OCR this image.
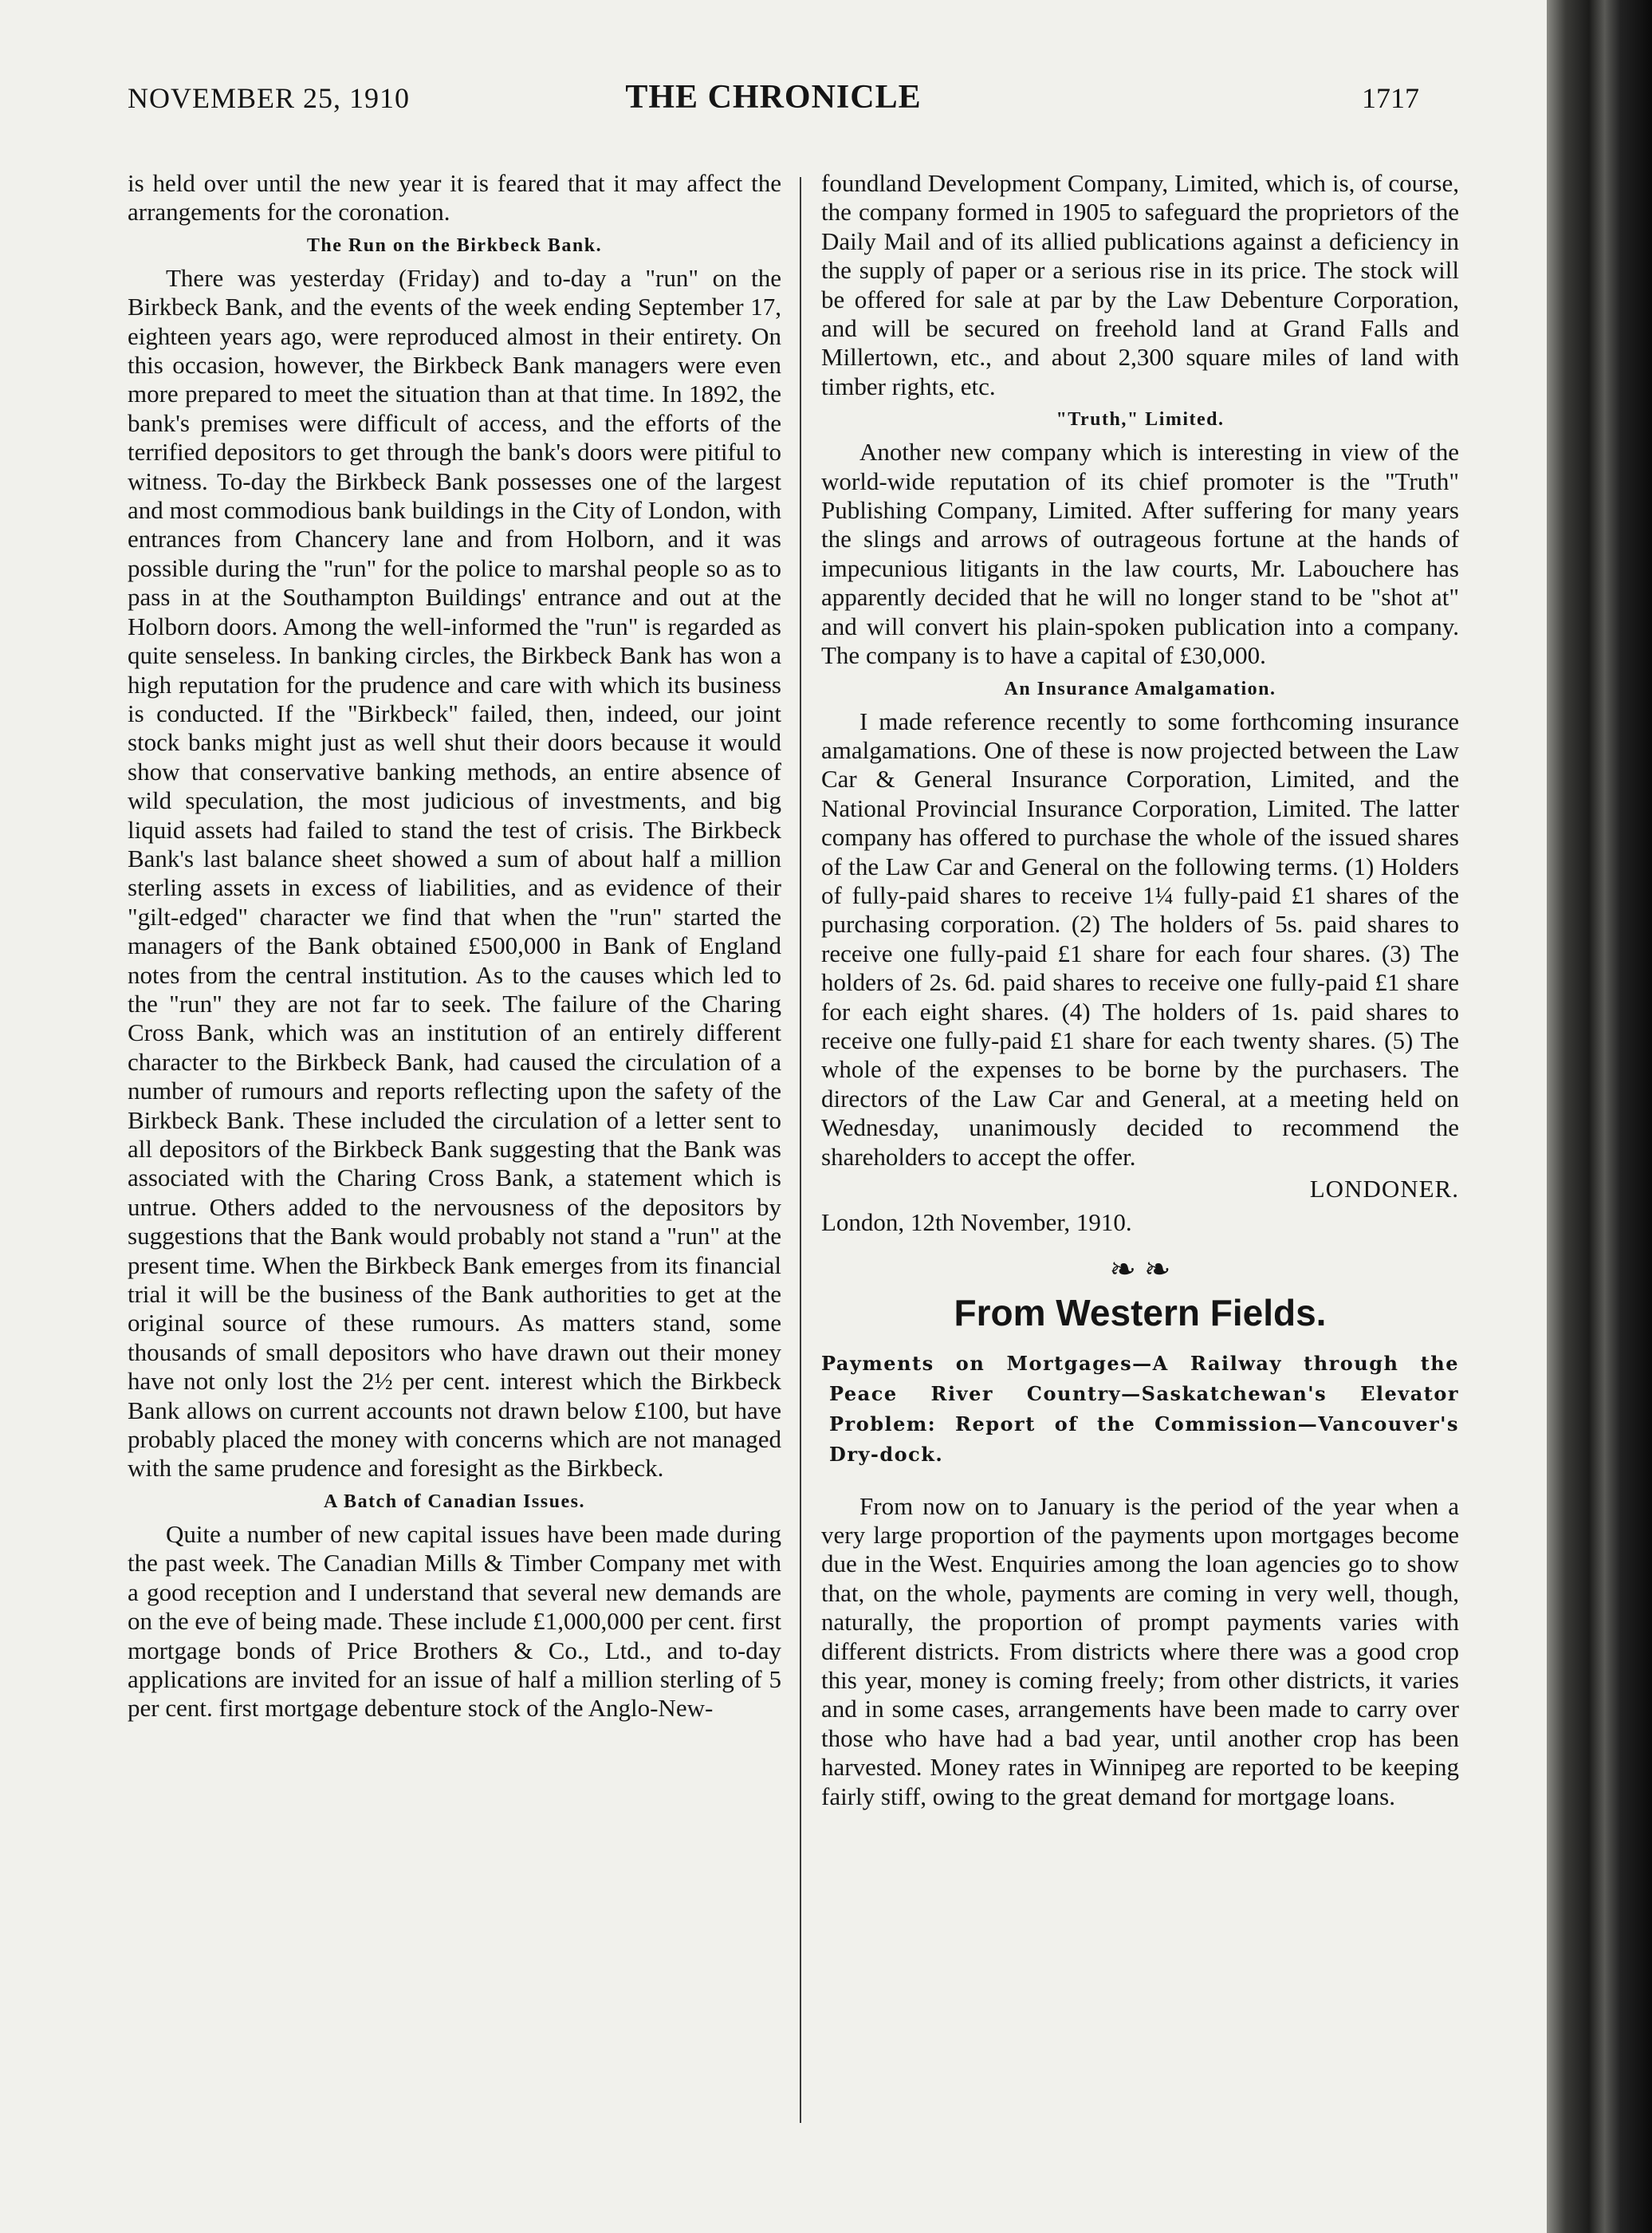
NOVEMBER 25, 1910	THE CHRONICLE	1717

is held over until the new year it is feared that it may affect the arrangements for the coronation.

The Run on the Birkbeck Bank.

There was yesterday (Friday) and to-day a "run" on the Birkbeck Bank, and the events of the week ending September 17, eighteen years ago, were reproduced almost in their entirety. On this occasion, however, the Birkbeck Bank managers were even more prepared to meet the situation than at that time. In 1892, the bank's premises were difficult of access, and the efforts of the terrified depositors to get through the bank's doors were pitiful to witness. To-day the Birkbeck Bank possesses one of the largest and most commodious bank buildings in the City of London, with entrances from Chancery lane and from Holborn, and it was possible during the "run" for the police to marshal people so as to pass in at the Southampton Buildings' entrance and out at the Holborn doors. Among the well-informed the "run" is regarded as quite senseless. In banking circles, the Birkbeck Bank has won a high reputation for the prudence and care with which its business is conducted. If the "Birkbeck" failed, then, indeed, our joint stock banks might just as well shut their doors because it would show that conservative banking methods, an entire absence of wild speculation, the most judicious of investments, and big liquid assets had failed to stand the test of crisis. The Birkbeck Bank's last balance sheet showed a sum of about half a million sterling assets in excess of liabilities, and as evidence of their "gilt-edged" character we find that when the "run" started the managers of the Bank obtained £500,000 in Bank of England notes from the central institution. As to the causes which led to the "run" they are not far to seek. The failure of the Charing Cross Bank, which was an institution of an entirely different character to the Birkbeck Bank, had caused the circulation of a number of rumours and reports reflecting upon the safety of the Birkbeck Bank. These included the circulation of a letter sent to all depositors of the Birkbeck Bank suggesting that the Bank was associated with the Charing Cross Bank, a statement which is untrue. Others added to the nervousness of the depositors by suggestions that the Bank would probably not stand a "run" at the present time. When the Birkbeck Bank emerges from its financial trial it will be the business of the Bank authorities to get at the original source of these rumours. As matters stand, some thousands of small depositors who have drawn out their money have not only lost the 2½ per cent. interest which the Birkbeck Bank allows on current accounts not drawn below £100, but have probably placed the money with concerns which are not managed with the same prudence and foresight as the Birkbeck.

A Batch of Canadian Issues.

Quite a number of new capital issues have been made during the past week. The Canadian Mills & Timber Company met with a good reception and I understand that several new demands are on the eve of being made. These include £1,000,000 per cent. first mortgage bonds of Price Brothers & Co., Ltd., and to-day applications are invited for an issue of half a million sterling of 5 per cent. first mortgage debenture stock of the Anglo-New-

foundland Development Company, Limited, which is, of course, the company formed in 1905 to safeguard the proprietors of the Daily Mail and of its allied publications against a deficiency in the supply of paper or a serious rise in its price. The stock will be offered for sale at par by the Law Debenture Corporation, and will be secured on freehold land at Grand Falls and Millertown, etc., and about 2,300 square miles of land with timber rights, etc.

"Truth," Limited.

Another new company which is interesting in view of the world-wide reputation of its chief promoter is the "Truth" Publishing Company, Limited. After suffering for many years the slings and arrows of outrageous fortune at the hands of impecunious litigants in the law courts, Mr. Labouchere has apparently decided that he will no longer stand to be "shot at" and will convert his plain-spoken publication into a company. The company is to have a capital of £30,000.

An Insurance Amalgamation.

I made reference recently to some forthcoming insurance amalgamations. One of these is now projected between the Law Car & General Insurance Corporation, Limited, and the National Provincial Insurance Corporation, Limited. The latter company has offered to purchase the whole of the issued shares of the Law Car and General on the following terms. (1) Holders of fully-paid shares to receive 1¼ fully-paid £1 shares of the purchasing corporation. (2) The holders of 5s. paid shares to receive one fully-paid £1 share for each four shares. (3) The holders of 2s. 6d. paid shares to receive one fully-paid £1 share for each eight shares. (4) The holders of 1s. paid shares to receive one fully-paid £1 share for each twenty shares. (5) The whole of the expenses to be borne by the purchasers. The directors of the Law Car and General, at a meeting held on Wednesday, unanimously decided to recommend the shareholders to accept the offer.

LONDONER.
London, 12th November, 1910.
❧ ❧
From Western Fields.
Payments on Mortgages—A Railway through the Peace River Country—Saskatchewan's Elevator Problem: Report of the Commission—Vancouver's Dry-dock.

From now on to January is the period of the year when a very large proportion of the payments upon mortgages become due in the West. Enquiries among the loan agencies go to show that, on the whole, payments are coming in very well, though, naturally, the proportion of prompt payments varies with different districts. From districts where there was a good crop this year, money is coming freely; from other districts, it varies and in some cases, arrangements have been made to carry over those who have had a bad year, until another crop has been harvested. Money rates in Winnipeg are reported to be keeping fairly stiff, owing to the great demand for mortgage loans.
